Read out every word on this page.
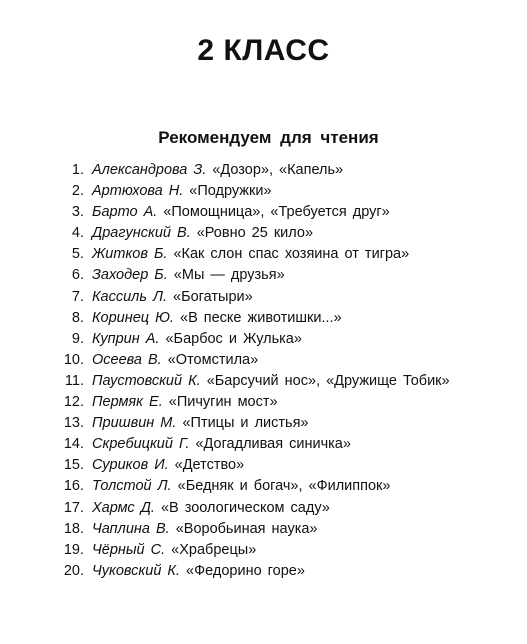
2 КЛАСС
Рекомендуем для чтения
1. Александрова З. «Дозор», «Капель»
2. Артюхова Н. «Подружки»
3. Барто А. «Помощница», «Требуется друг»
4. Драгунский В. «Ровно 25 кило»
5. Житков Б. «Как слон спас хозяина от тигра»
6. Заходер Б. «Мы — друзья»
7. Кассиль Л. «Богатыри»
8. Коринец Ю. «В песке животишки...»
9. Куприн А. «Барбос и Жулька»
10. Осеева В. «Отомстила»
11. Паустовский К. «Барсучий нос», «Дружище Тобик»
12. Пермяк Е. «Пичугин мост»
13. Пришвин М. «Птицы и листья»
14. Скребицкий Г. «Догадливая синичка»
15. Суриков И. «Детство»
16. Толстой Л. «Бедняк и богач», «Филиппок»
17. Хармс Д. «В зоологическом саду»
18. Чаплина В. «Воробьиная наука»
19. Чёрный С. «Храбрецы»
20. Чуковский К. «Федорино горе»
